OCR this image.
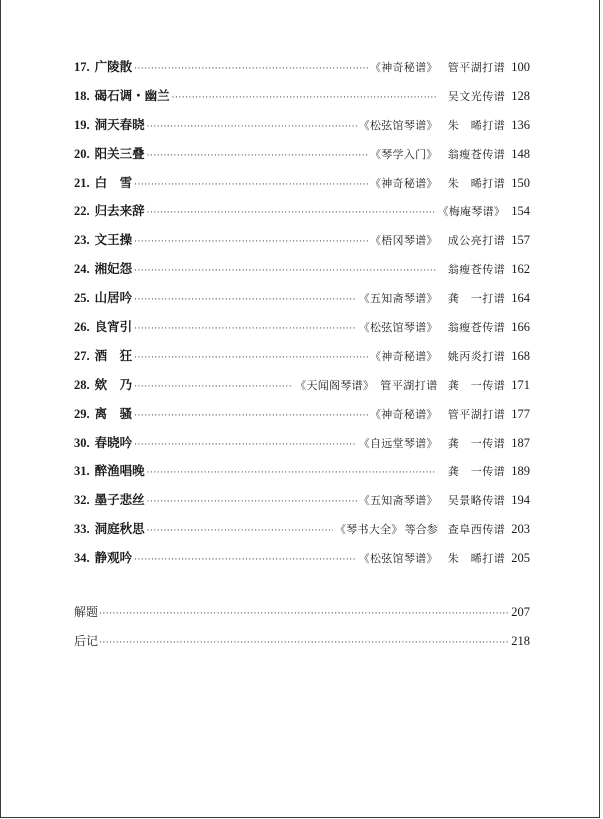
17. 广陵散 ·····	《神奇秘谱》 管平湖打谱 100
18. 碣石调・幽兰 ·····	吴文光传谱 128
19. 洞天春晓 ·····	《松弦馆琴谱》 朱　晞打谱 136
20. 阳关三叠 ·····	《琴学入门》 翁瘦苍传谱 148
21. 白　雪 ·····	《神奇秘谱》 朱　晞打谱 150
22. 归去来辞 ·····	《梅庵琴谱》 154
23. 文王操 ·····	《梧冈琴谱》 成公亮打谱 157
24. 湘妃怨 ·····	翁瘦苍传谱 162
25. 山居吟 ·····	《五知斋琴谱》 龚　一打谱 164
26. 良宵引 ·····	《松弦馆琴谱》 翁瘦苍传谱 166
27. 酒　狂 ·····	《神奇秘谱》 姚丙炎打谱 168
28. 欸　乃 ·····	《天闻阁琴谱》 管平湖打谱 龚　一传谱 171
29. 离　骚 ·····	《神奇秘谱》 管平湖打谱 177
30. 春晓吟 ·····	《自远堂琴谱》 龚　一传谱 187
31. 醉渔唱晚 ·····	龚　一传谱 189
32. 墨子悲丝 ·····	《五知斋琴谱》 吴景略传谱 194
33. 洞庭秋思 ·····	《琴书大全》 等合参 查阜西传谱 203
34. 静观吟 ·····	《松弦馆琴谱》 朱　晞打谱 205
解题 ·····	207
后记 ·····	218
